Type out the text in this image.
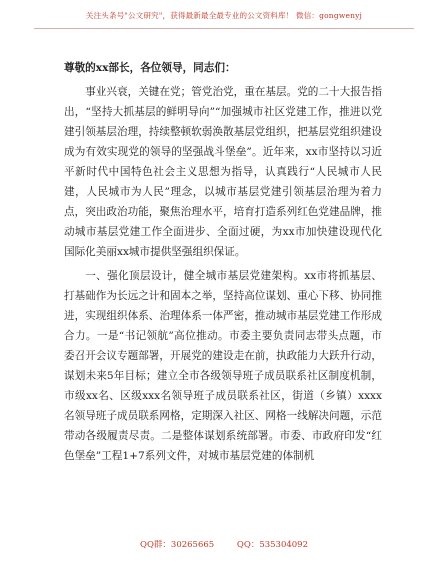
关注头条号"公文研究"，获得最新最全最专业的公文资料库！ 微信：gongwenyj

尊敬的xx部长，各位领导，同志们：

事业兴衰，关键在党；管党治党，重在基层。党的二十大报告指出，“坚持大抓基层的鲜明导向”“加强城市社区党建工作，推进以党建引领基层治理，持续整顿软弱涣散基层党组织，把基层党组织建设成为有效实现党的领导的坚强战斗堡垒”。近年来，xx市坚持以习近平新时代中国特色社会主义思想为指导，认真践行“人民城市人民建，人民城市为人民”理念，以城市基层党建引领基层治理为着力点，突出政治功能，聚焦治理水平，培育打造系列红色党建品牌，推动城市基层党建工作全面进步、全面过硬，为xx市加快建设现代化国际化美丽xx城市提供坚强组织保证。

一、强化顶层设计，健全城市基层党建架构。xx市将抓基层、打基础作为长远之计和固本之举，坚持高位谋划、重心下移、协同推进，实现组织体系、治理体系一体严密，推动城市基层党建工作形成合力。一是“书记领航”高位推动。市委主要负责同志带头点题，市委召开会议专题部署，开展党的建设走在前，执政能力大跃升行动，谋划未来5年目标；建立全市各级领导班子成员联系社区制度机制，市级xx名、区级xxx名领导班子成员联系社区，街道（乡镇）xxxx名领导班子成员联系网格，定期深入社区、网格一线解决问题，示范带动各级履责尽责。二是整体谋划系统部署。市委、市政府印发“红色堡垒”工程1+7系列文件，对城市基层党建的体制机

QQ群：30265665	QQ：535304092
